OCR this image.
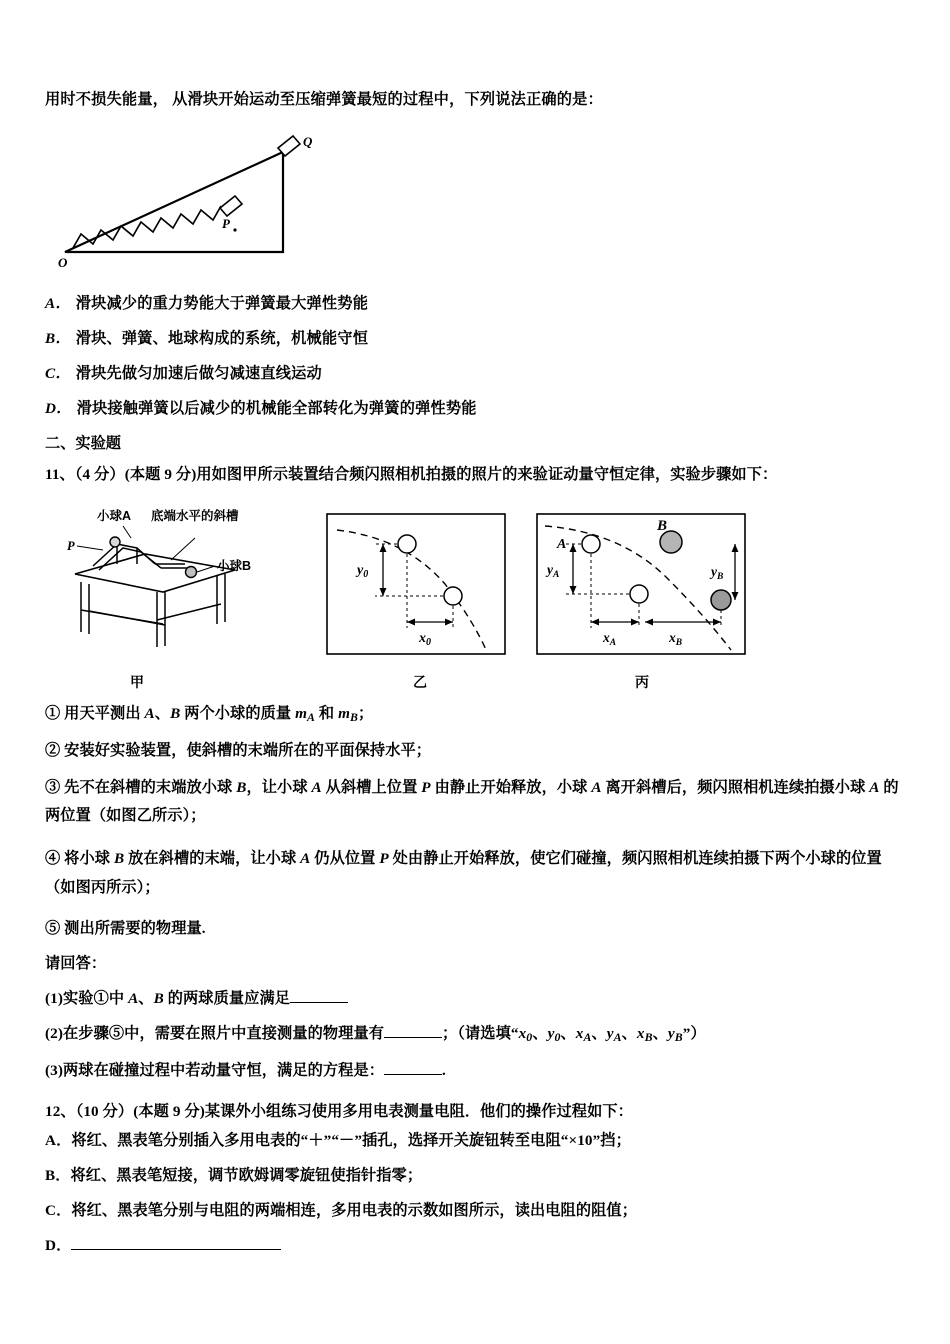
用时不损失能量， 从滑块开始运动至压缩弹簧最短的过程中，下列说法正确的是：
Q
P
O
A． 滑块减少的重力势能大于弹簧最大弹性势能
B． 滑块、弹簧、地球构成的系统，机械能守恒
C． 滑块先做匀加速后做匀减速直线运动
D． 滑块接触弹簧以后减少的机械能全部转化为弹簧的弹性势能
二、实验题
11、（4 分）(本题 9 分)用如图甲所示装置结合频闪照相机拍摄的照片的来验证动量守恒定律，实验步骤如下：
小球A 底端水平的斜槽
小球B
P
$y_0$
$x_0$
A
B
$y_A$	$y_B$
$x_A$	$x_B$
甲	乙	丙
① 用天平测出 A、B 两个小球的质量 $m_A$ 和 $m_B$；
② 安装好实验装置，使斜槽的末端所在的平面保持水平；
③ 先不在斜槽的末端放小球 B，让小球 A 从斜槽上位置 P 由静止开始释放，小球 A 离开斜槽后，频闪照相机连续拍摄小球 A 的两位置（如图乙所示）；
④ 将小球 B 放在斜槽的末端，让小球 A 仍从位置 P 处由静止开始释放，使它们碰撞，频闪照相机连续拍摄下两个小球的位置（如图丙所示）；
⑤ 测出所需要的物理量.
请回答：
(1)实验①中 A、B 的两球质量应满足
(2)在步骤⑤中，需要在照片中直接测量的物理量有	；（请选填“$x_0$、$y_0$、$x_A$、$y_A$、$x_B$、$y_B$”）
(3)两球在碰撞过程中若动量守恒，满足的方程是：	.
12、（10 分）(本题 9 分)某课外小组练习使用多用电表测量电阻．他们的操作过程如下：
A．将红、黑表笔分别插入多用电表的“＋”“－”插孔，选择开关旋钮转至电阻“×10”挡；
B．将红、黑表笔短接，调节欧姆调零旋钮使指针指零；
C．将红、黑表笔分别与电阻的两端相连，多用电表的示数如图所示，读出电阻的阻值；
D．
